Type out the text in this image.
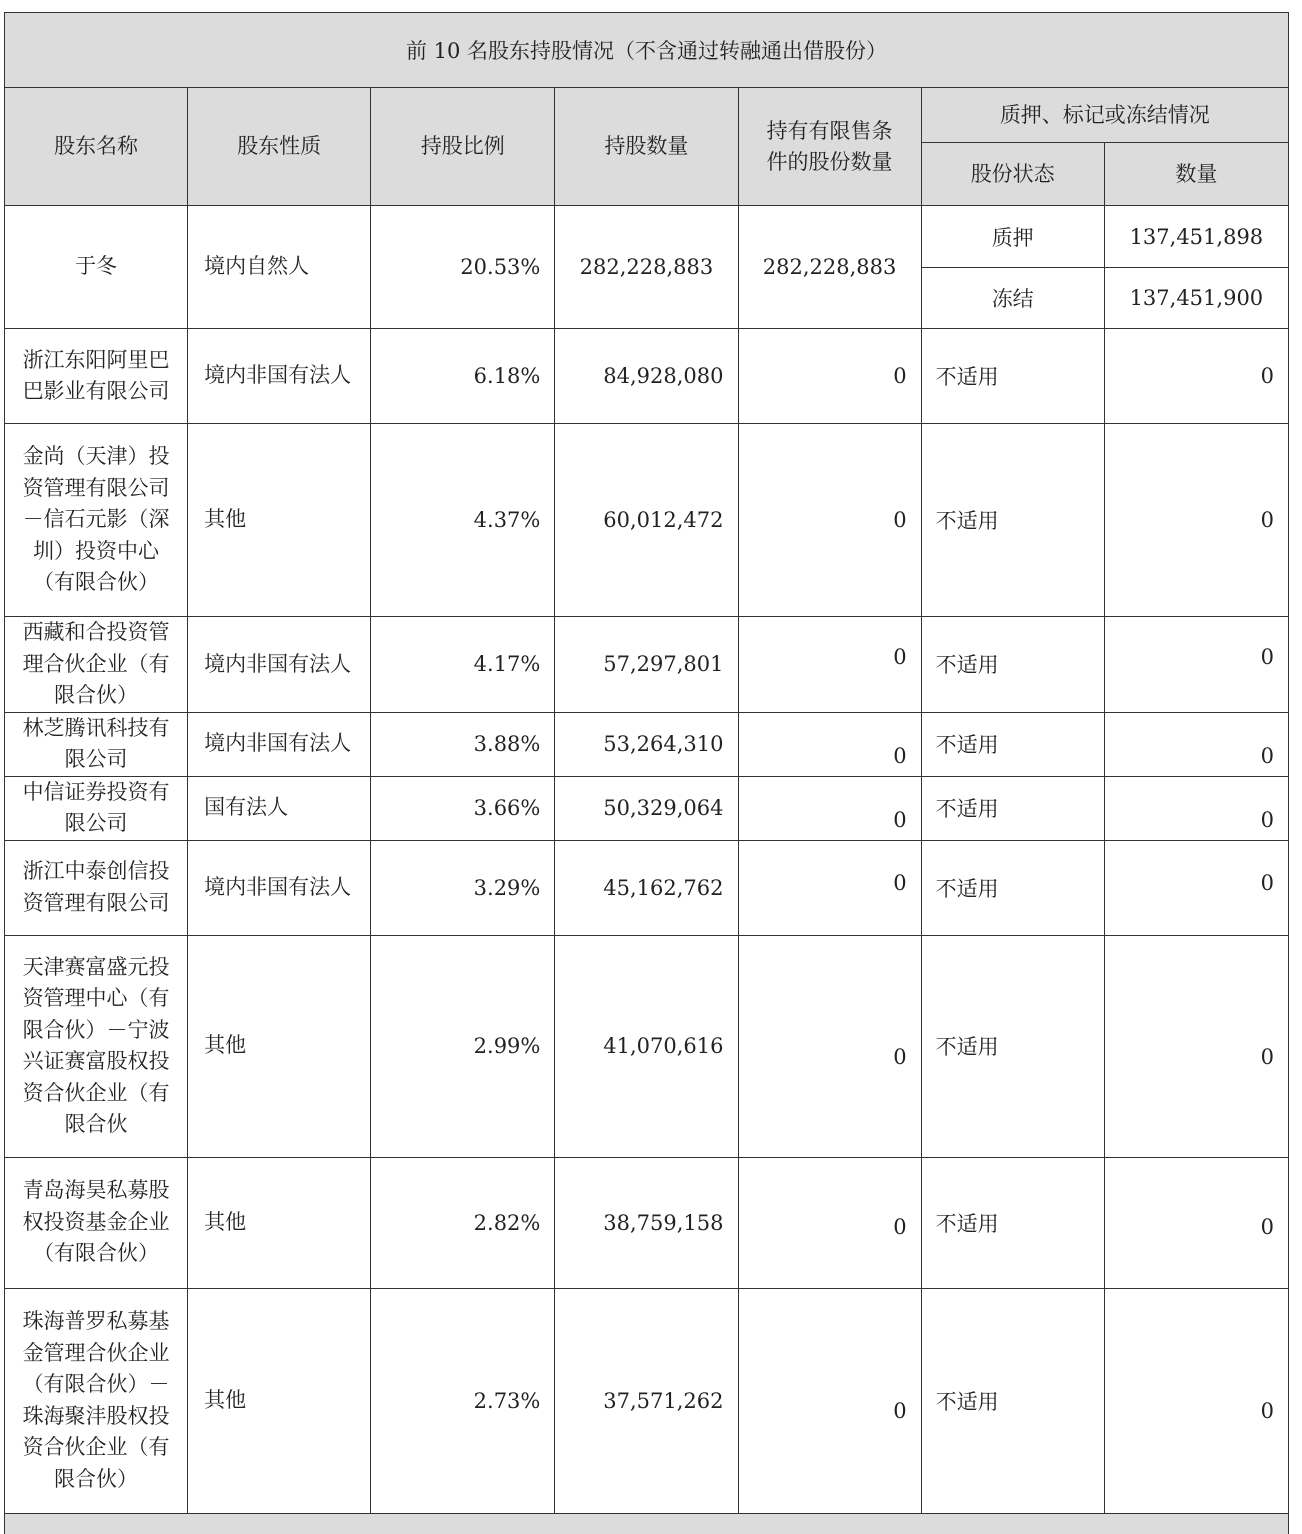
前 10 名股东持股情况（不含通过转融通出借股份）						
股东名称	股东性质	持股比例	持股数量	持有有限售条件的股份数量	质押、标记或冻结情况	
					股份状态	数量
于冬	境内自然人	20.53%	282,228,883	282,228,883	质押	137,451,898
					冻结	137,451,900
浙江东阳阿里巴巴影业有限公司	境内非国有法人	6.18%	84,928,080	0	不适用	0
金尚（天津）投资管理有限公司－信石元影（深圳）投资中心（有限合伙）	其他	4.37%	60,012,472	0	不适用	0
西藏和合投资管理合伙企业（有限合伙）	境内非国有法人	4.17%	57,297,801	0	不适用	0
林芝腾讯科技有限公司	境内非国有法人	3.88%	53,264,310	0	不适用	0
中信证券投资有限公司	国有法人	3.66%	50,329,064	0	不适用	0
浙江中泰创信投资管理有限公司	境内非国有法人	3.29%	45,162,762	0	不适用	0
天津赛富盛元投资管理中心（有限合伙）－宁波兴证赛富股权投资合伙企业（有限合伙	其他	2.99%	41,070,616	0	不适用	0
青岛海昊私募股权投资基金企业（有限合伙）	其他	2.82%	38,759,158	0	不适用	0
珠海普罗私募基金管理合伙企业（有限合伙）－珠海聚沣股权投资合伙企业（有限合伙）	其他	2.73%	37,571,262	0	不适用	0
